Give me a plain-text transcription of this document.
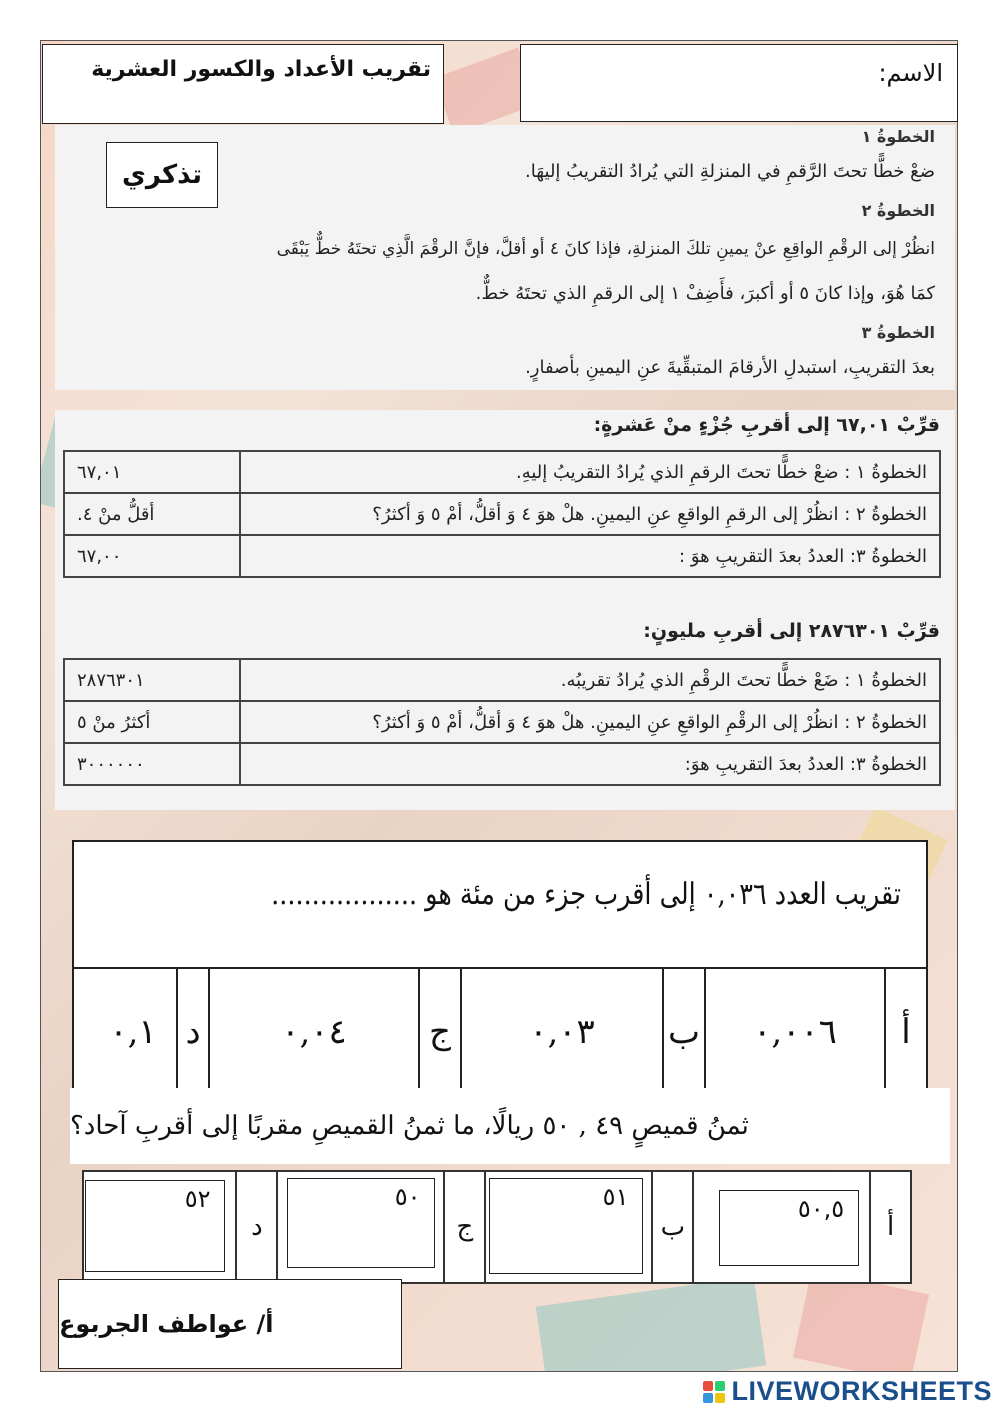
تقريب الأعداد والكسور العشرية	الاسم:
الخطوةُ ١
ضعْ خطًّا تحتَ الرَّقمِ في المنزلةِ التي يُرادُ التقريبُ إليهَا.
الخطوةُ ٢
انظُرْ إلى الرقْمِ الواقِعِ عنْ يمينِ تلكَ المنزلةِ، فإذا كانَ ٤ أو أقلَّ، فإنَّ الرقْمَ الَّذِي تحتَهُ خطٌّ يَبْقَى
كمَا هُوَ، وإذا كانَ ٥ أو أكبرَ، فأَضِفْ ١ إلى الرقمِ الذي تحتَهُ خطٌّ.
الخطوةُ ٣
بعدَ التقريبِ، استبدلِ الأرقامَ المتبقِّيةَ عنِ اليمينِ بأصفارٍ.
تذكري
قرِّبْ ٦٧,٠١ إلى أقربِ جُزْءٍ منْ عَشرةٍ:
الخطوةُ ١ : ضعْ خطًّا تحتَ الرقمِ الذي يُرادُ التقريبُ إليهِ.	٦٧,٠١
الخطوةُ ٢ : انظُرْ إلى الرقمِ الواقعِ عنِ اليمينِ. هلْ هوَ ٤ وَ أقلُّ، أمْ ٥ وَ أكثرُ؟	أقلُّ منْ ٤.
الخطوةُ ٣: العددُ بعدَ التقريبِ هوَ :	٦٧,٠٠
قرِّبْ ٢٨٧٦٣٠١ إلى أقربِ مليونٍ:
الخطوةُ ١ : ضَعْ خطًّا تحتَ الرقْمِ الذي يُرادُ تقريبُه.	٢٨٧٦٣٠١
الخطوةُ ٢ : انظُرْ إلى الرقْمِ الواقعِ عنِ اليمينِ. هلْ هوَ ٤ وَ أقلُّ، أمْ ٥ وَ أكثرُ؟	أكثرُ منْ ٥
الخطوةُ ٣: العددُ بعدَ التقريبِ هوَ:	٣٠٠٠٠٠٠
تقريب العدد ٠,٠٣٦ إلى أقرب جزء من مئة هو ..................
أ
٠,٠٠٦
ب
٠,٠٣
ج
٠,٠٤
د
٠,١
ثمنُ قميصٍ ٤٩ , ٥٠ ريالًا، ما ثمنُ القميصِ مقربًا إلى أقربِ آحاد؟
أ
٥٠,٥
ب
٥١
ج
٥٠
د
٥٢
أ/ عواطف الجربوع
LIVEWORKSHEETS
